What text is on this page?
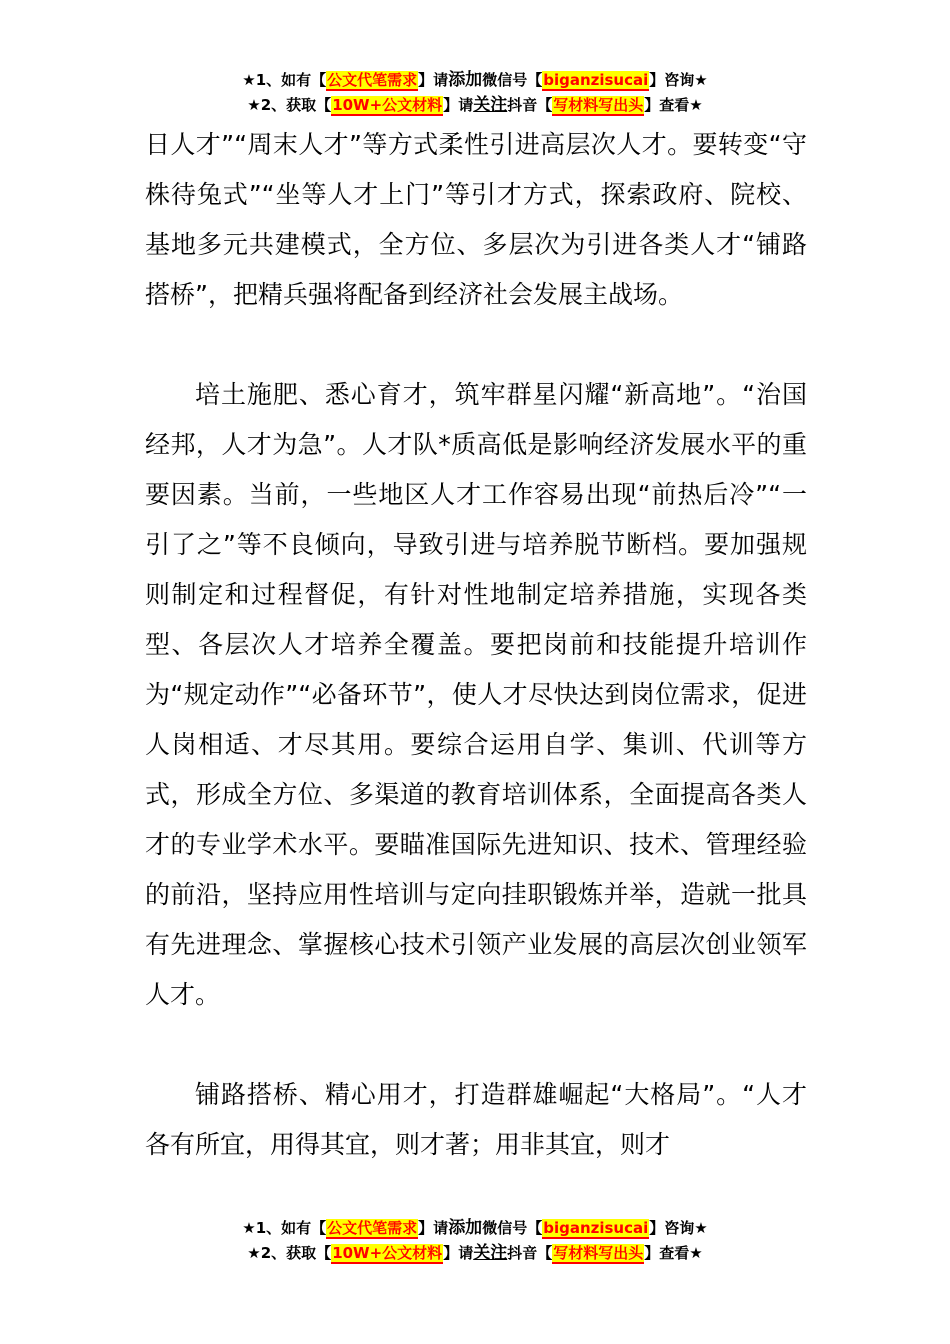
★1、如有【公文代笔需求】请添加微信号【biganzisucai】咨询★
★2、获取【10W+公文材料】请关注抖音【写材料写出头】查看★

日人才”“周末人才”等方式柔性引进高层次人才。要转变“守株待兔式”“坐等人才上门”等引才方式，探索政府、院校、基地多元共建模式，全方位、多层次为引进各类人才“铺路搭桥”，把精兵强将配备到经济社会发展主战场。

培土施肥、悉心育才，筑牢群星闪耀“新高地”。“治国经邦，人才为急”。人才队*质高低是影响经济发展水平的重要因素。当前，一些地区人才工作容易出现“前热后冷”“一引了之”等不良倾向，导致引进与培养脱节断档。要加强规则制定和过程督促，有针对性地制定培养措施，实现各类型、各层次人才培养全覆盖。要把岗前和技能提升培训作为“规定动作”“必备环节”，使人才尽快达到岗位需求，促进人岗相适、才尽其用。要综合运用自学、集训、代训等方式，形成全方位、多渠道的教育培训体系，全面提高各类人才的专业学术水平。要瞄准国际先进知识、技术、管理经验的前沿，坚持应用性培训与定向挂职锻炼并举，造就一批具有先进理念、掌握核心技术引领产业发展的高层次创业领军人才。

铺路搭桥、精心用才，打造群雄崛起“大格局”。“人才各有所宜，用得其宜，则才著；用非其宜，则才

★1、如有【公文代笔需求】请添加微信号【biganzisucai】咨询★
★2、获取【10W+公文材料】请关注抖音【写材料写出头】查看★
